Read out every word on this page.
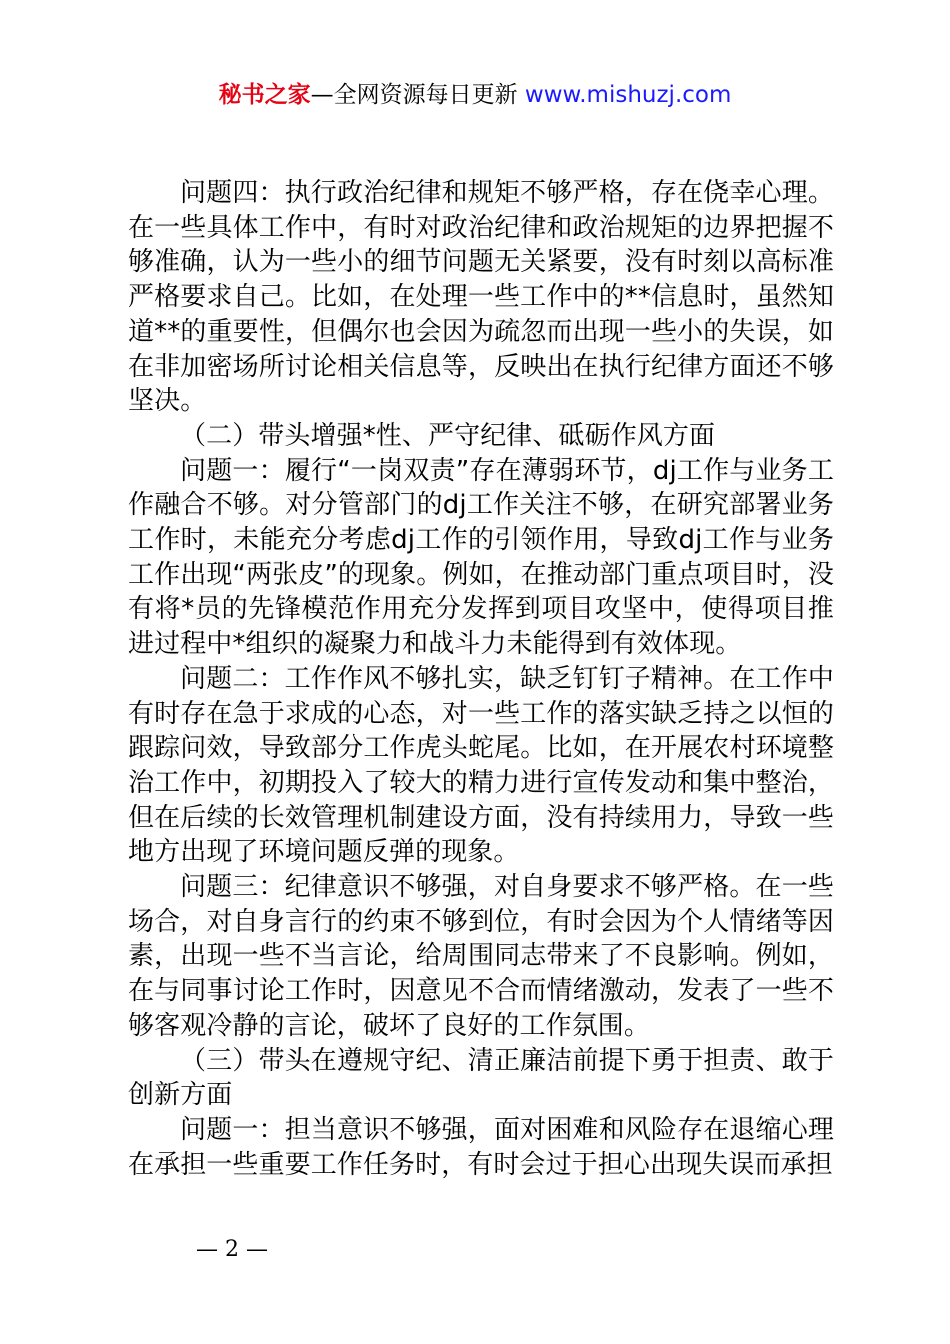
秘书之家—全网资源每日更新 www.mishuzj.com

问题四：执行政治纪律和规矩不够严格，存在侥幸心理。在一些具体工作中，有时对政治纪律和政治规矩的边界把握不够准确，认为一些小的细节问题无关紧要，没有时刻以高标准严格要求自己。比如，在处理一些工作中的**信息时，虽然知道**的重要性，但偶尔也会因为疏忽而出现一些小的失误，如在非加密场所讨论相关信息等，反映出在执行纪律方面还不够坚决。

（二）带头增强*性、严守纪律、砥砺作风方面

问题一：履行“一岗双责”存在薄弱环节，dj工作与业务工作融合不够。对分管部门的dj工作关注不够，在研究部署业务工作时，未能充分考虑dj工作的引领作用，导致dj工作与业务工作出现“两张皮”的现象。例如，在推动部门重点项目时，没有将*员的先锋模范作用充分发挥到项目攻坚中，使得项目推进过程中*组织的凝聚力和战斗力未能得到有效体现。

问题二：工作作风不够扎实，缺乏钉钉子精神。在工作中有时存在急于求成的心态，对一些工作的落实缺乏持之以恒的跟踪问效，导致部分工作虎头蛇尾。比如，在开展农村环境整治工作中，初期投入了较大的精力进行宣传发动和集中整治，但在后续的长效管理机制建设方面，没有持续用力，导致一些地方出现了环境问题反弹的现象。

问题三：纪律意识不够强，对自身要求不够严格。在一些场合，对自身言行的约束不够到位，有时会因为个人情绪等因素，出现一些不当言论，给周围同志带来了不良影响。例如，在与同事讨论工作时，因意见不合而情绪激动，发表了一些不够客观冷静的言论，破坏了良好的工作氛围。

（三）带头在遵规守纪、清正廉洁前提下勇于担责、敢于创新方面

问题一：担当意识不够强，面对困难和风险存在退缩心理在承担一些重要工作任务时，有时会过于担心出现失误而承担

— 2 —
